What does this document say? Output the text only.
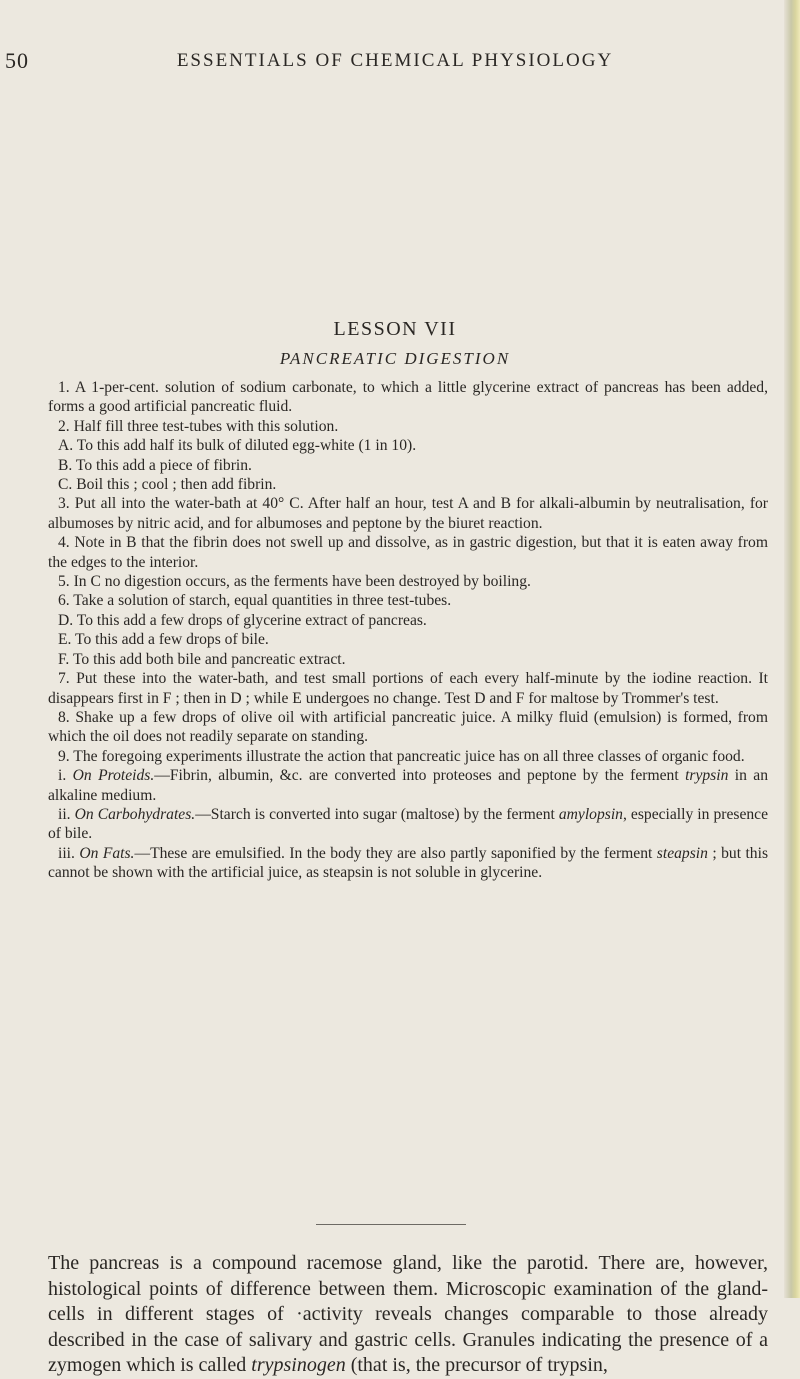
50	ESSENTIALS OF CHEMICAL PHYSIOLOGY
LESSON VII
PANCREATIC DIGESTION

1. A 1-per-cent. solution of sodium carbonate, to which a little glycerine extract of pancreas has been added, forms a good artificial pancreatic fluid.

2. Half fill three test-tubes with this solution.

A. To this add half its bulk of diluted egg-white (1 in 10).

B. To this add a piece of fibrin.

C. Boil this ; cool ; then add fibrin.

3. Put all into the water-bath at 40° C. After half an hour, test A and B for alkali-albumin by neutralisation, for albumoses by nitric acid, and for albumoses and peptone by the biuret reaction.

4. Note in B that the fibrin does not swell up and dissolve, as in gastric digestion, but that it is eaten away from the edges to the interior.

5. In C no digestion occurs, as the ferments have been destroyed by boiling.

6. Take a solution of starch, equal quantities in three test-tubes.

D. To this add a few drops of glycerine extract of pancreas.

E. To this add a few drops of bile.

F. To this add both bile and pancreatic extract.

7. Put these into the water-bath, and test small portions of each every half-minute by the iodine reaction. It disappears first in F ; then in D ; while E undergoes no change. Test D and F for maltose by Trommer's test.

8. Shake up a few drops of olive oil with artificial pancreatic juice. A milky fluid (emulsion) is formed, from which the oil does not readily separate on standing.

9. The foregoing experiments illustrate the action that pancreatic juice has on all three classes of organic food.

i. On Proteids.—Fibrin, albumin, &c. are converted into proteoses and peptone by the ferment trypsin in an alkaline medium.

ii. On Carbohydrates.—Starch is converted into sugar (maltose) by the ferment amylopsin, especially in presence of bile.

iii. On Fats.—These are emulsified. In the body they are also partly saponified by the ferment steapsin ; but this cannot be shown with the artificial juice, as steapsin is not soluble in glycerine.

The pancreas is a compound racemose gland, like the parotid. There are, however, histological points of difference between them. Microscopic examination of the gland-cells in different stages of ·activity reveals changes comparable to those already described in the case of salivary and gastric cells. Granules indicating the presence of a zymogen which is called trypsinogen (that is, the precursor of trypsin,
